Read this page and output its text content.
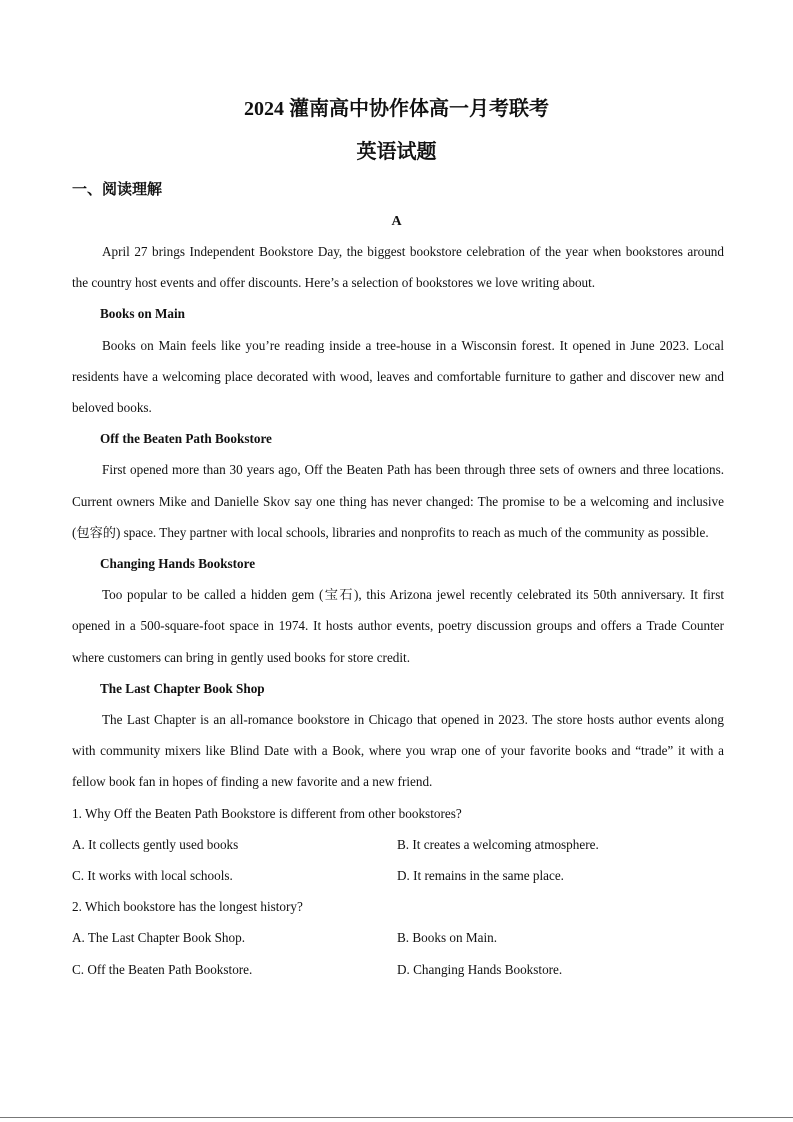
2024 灌南高中协作体高一月考联考
英语试题
一、阅读理解
A

April 27 brings Independent Bookstore Day, the biggest bookstore celebration of the year when bookstores around the country host events and offer discounts. Here’s a selection of bookstores we love writing about.

Books on Main

Books on Main feels like you’re reading inside a tree-house in a Wisconsin forest. It opened in June 2023. Local residents have a welcoming place decorated with wood, leaves and comfortable furniture to gather and discover new and beloved books.

Off the Beaten Path Bookstore

First opened more than 30 years ago, Off the Beaten Path has been through three sets of owners and three locations. Current owners Mike and Danielle Skov say one thing has never changed: The promise to be a welcoming and inclusive (包容的) space. They partner with local schools, libraries and nonprofits to reach as much of the community as possible.

Changing Hands Bookstore

Too popular to be called a hidden gem (宝石), this Arizona jewel recently celebrated its 50th anniversary. It first opened in a 500-square-foot space in 1974. It hosts author events, poetry discussion groups and offers a Trade Counter where customers can bring in gently used books for store credit.

The Last Chapter Book Shop

The Last Chapter is an all-romance bookstore in Chicago that opened in 2023. The store hosts author events along with community mixers like Blind Date with a Book, where you wrap one of your favorite books and “trade” it with a fellow book fan in hopes of finding a new favorite and a new friend.

1. Why Off the Beaten Path Bookstore is different from other bookstores?

A. It collects gently used books	B. It creates a welcoming atmosphere.
C. It works with local schools.	D. It remains in the same place.

2. Which bookstore has the longest history?

A. The Last Chapter Book Shop.	B. Books on Main.
C. Off the Beaten Path Bookstore.	D. Changing Hands Bookstore.
